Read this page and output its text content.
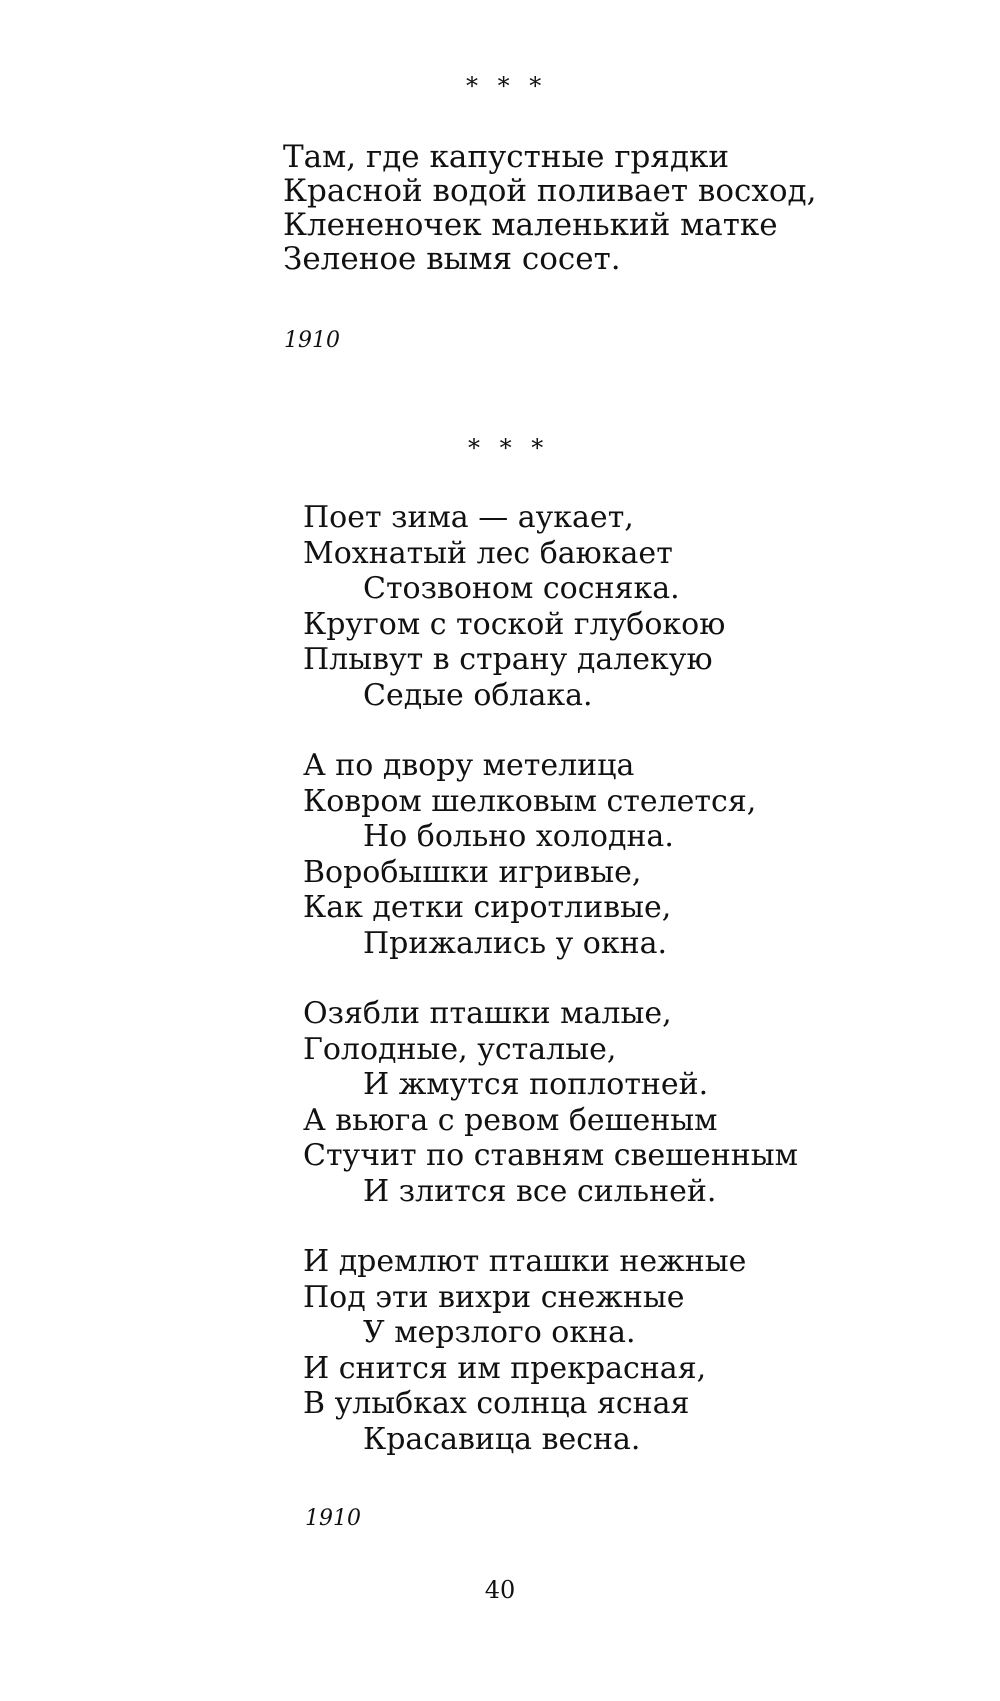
* * *
Там, где капустные грядки
Красной водой поливает восход,
Клененочек маленький матке
Зеленое вымя сосет.
1910
* * *
Поет зима — аукает,
Мохнатый лес баюкает
Стозвоном сосняка.
Кругом с тоской глубокою
Плывут в страну далекую
Седые облака.
А по двору метелица
Ковром шелковым стелется,
Но больно холодна.
Воробышки игривые,
Как детки сиротливые,
Прижались у окна.
Озябли пташки малые,
Голодные, усталые,
И жмутся поплотней.
А вьюга с ревом бешеным
Стучит по ставням свешенным
И злится все сильней.
И дремлют пташки нежные
Под эти вихри снежные
У мерзлого окна.
И снится им прекрасная,
В улыбках солнца ясная
Красавица весна.
1910
40
